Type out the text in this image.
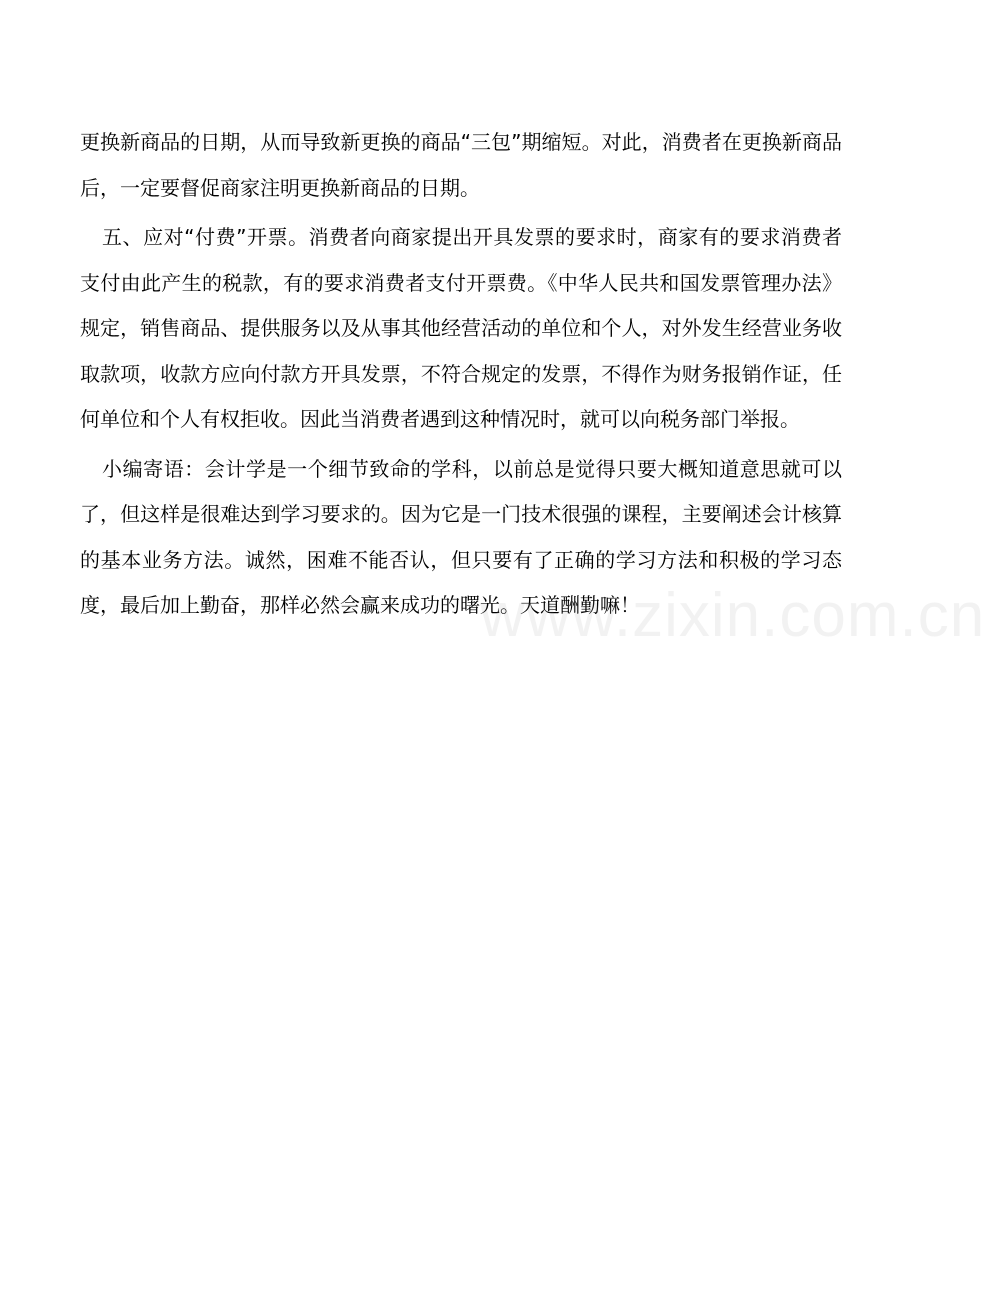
更换新商品的日期，从而导致新更换的商品“三包”期缩短。对此，消费者在更换新商品后，一定要督促商家注明更换新商品的日期。

五、应对“付费”开票。消费者向商家提出开具发票的要求时，商家有的要求消费者支付由此产生的税款，有的要求消费者支付开票费。《中华人民共和国发票管理办法》规定，销售商品、提供服务以及从事其他经营活动的单位和个人，对外发生经营业务收取款项，收款方应向付款方开具发票，不符合规定的发票，不得作为财务报销作证，任何单位和个人有权拒收。因此当消费者遇到这种情况时，就可以向税务部门举报。

小编寄语：会计学是一个细节致命的学科，以前总是觉得只要大概知道意思就可以了，但这样是很难达到学习要求的。因为它是一门技术很强的课程，主要阐述会计核算的基本业务方法。诚然，困难不能否认，但只要有了正确的学习方法和积极的学习态度，最后加上勤奋，那样必然会赢来成功的曙光。天道酬勤嘛！

www.zixin.com.cn
